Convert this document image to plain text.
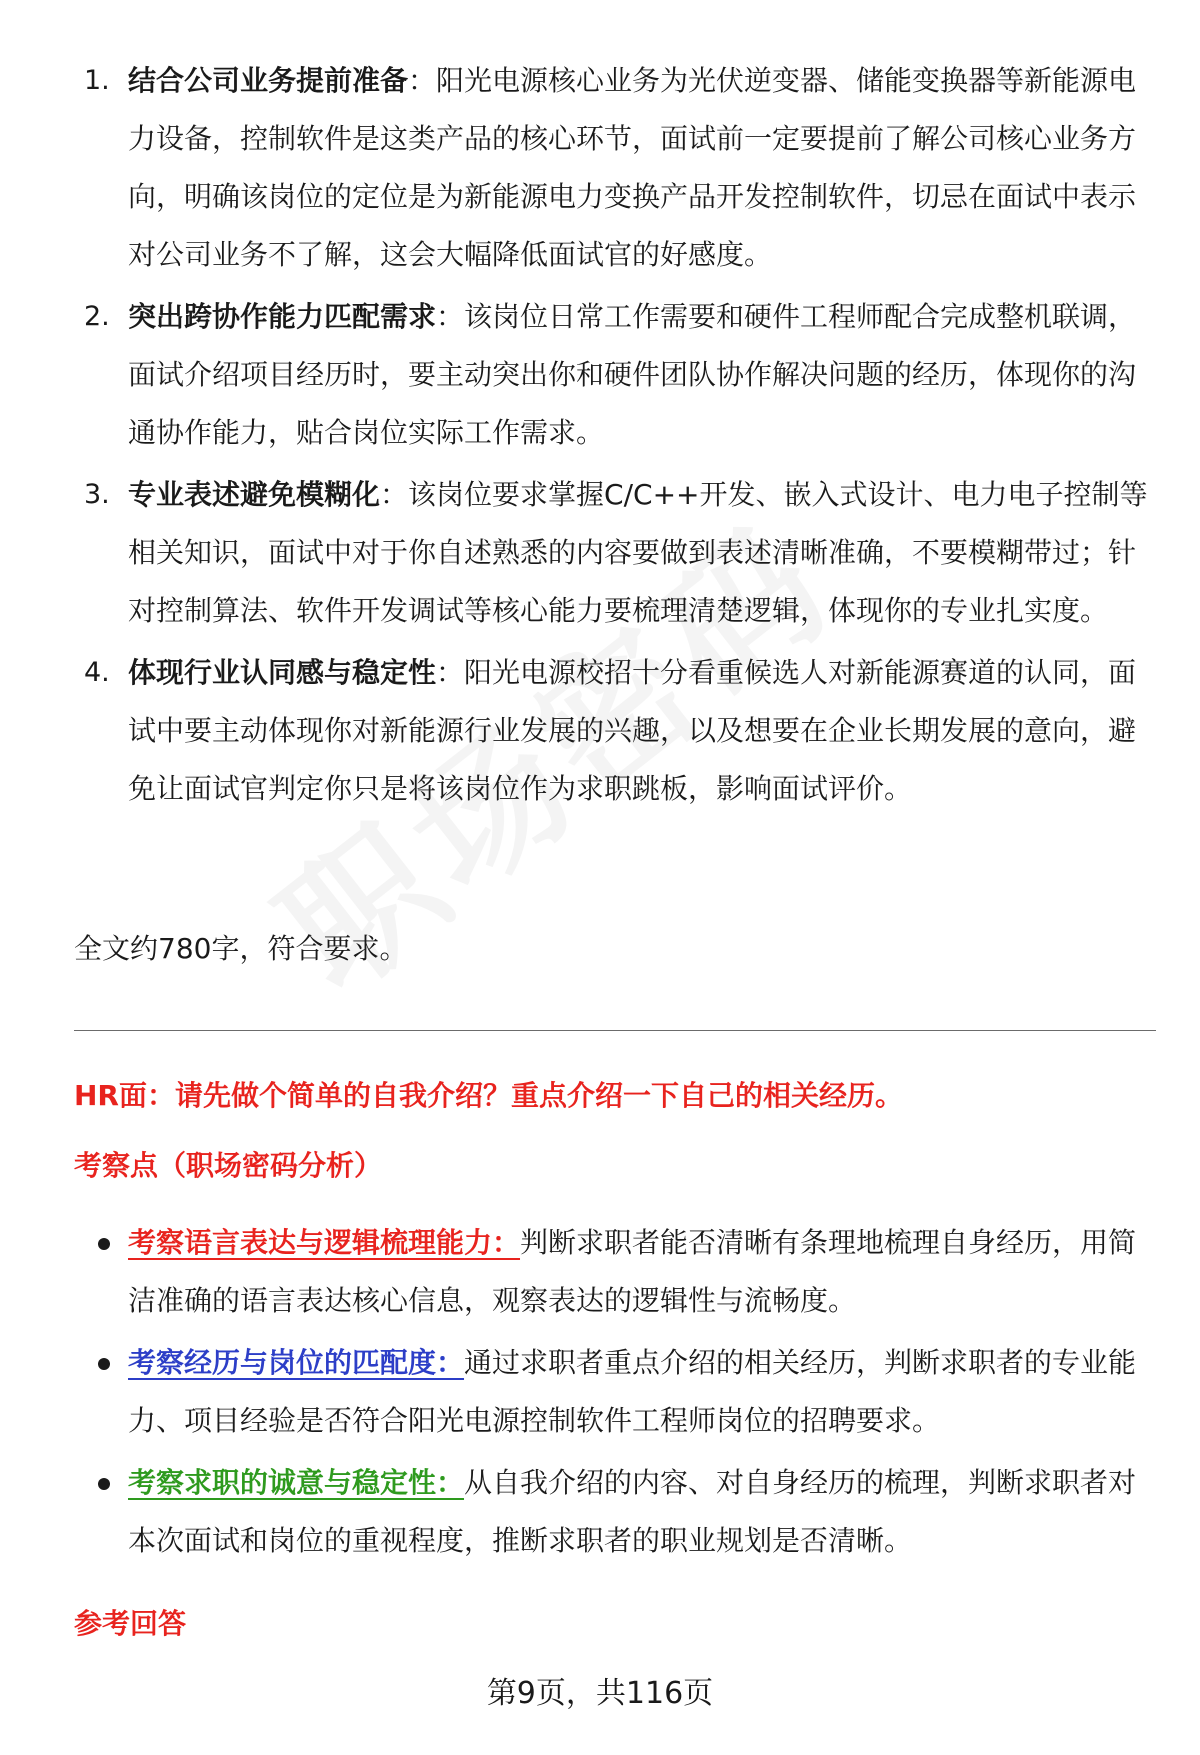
1. 结合公司业务提前准备：阳光电源核心业务为光伏逆变器、储能变换器等新能源电力设备，控制软件是这类产品的核心环节，面试前一定要提前了解公司核心业务方向，明确该岗位的定位是为新能源电力变换产品开发控制软件，切忌在面试中表示对公司业务不了解，这会大幅降低面试官的好感度。
2. 突出跨协作能力匹配需求：该岗位日常工作需要和硬件工程师配合完成整机联调，面试介绍项目经历时，要主动突出你和硬件团队协作解决问题的经历，体现你的沟通协作能力，贴合岗位实际工作需求。
3. 专业表述避免模糊化：该岗位要求掌握C/C++开发、嵌入式设计、电力电子控制等相关知识，面试中对于你自述熟悉的内容要做到表述清晰准确，不要模糊带过；针对控制算法、软件开发调试等核心能力要梳理清楚逻辑，体现你的专业扎实度。
4. 体现行业认同感与稳定性：阳光电源校招十分看重候选人对新能源赛道的认同，面试中要主动体现你对新能源行业发展的兴趣，以及想要在企业长期发展的意向，避免让面试官判定你只是将该岗位作为求职跳板，影响面试评价。
全文约780字，符合要求。
HR面：请先做个简单的自我介绍？重点介绍一下自己的相关经历。
考察点（职场密码分析）
考察语言表达与逻辑梳理能力：判断求职者能否清晰有条理地梳理自身经历，用简洁准确的语言表达核心信息，观察表达的逻辑性与流畅度。
考察经历与岗位的匹配度：通过求职者重点介绍的相关经历，判断求职者的专业能力、项目经验是否符合阳光电源控制软件工程师岗位的招聘要求。
考察求职的诚意与稳定性：从自我介绍的内容、对自身经历的梳理，判断求职者对本次面试和岗位的重视程度，推断求职者的职业规划是否清晰。
参考回答
第9页，共116页
